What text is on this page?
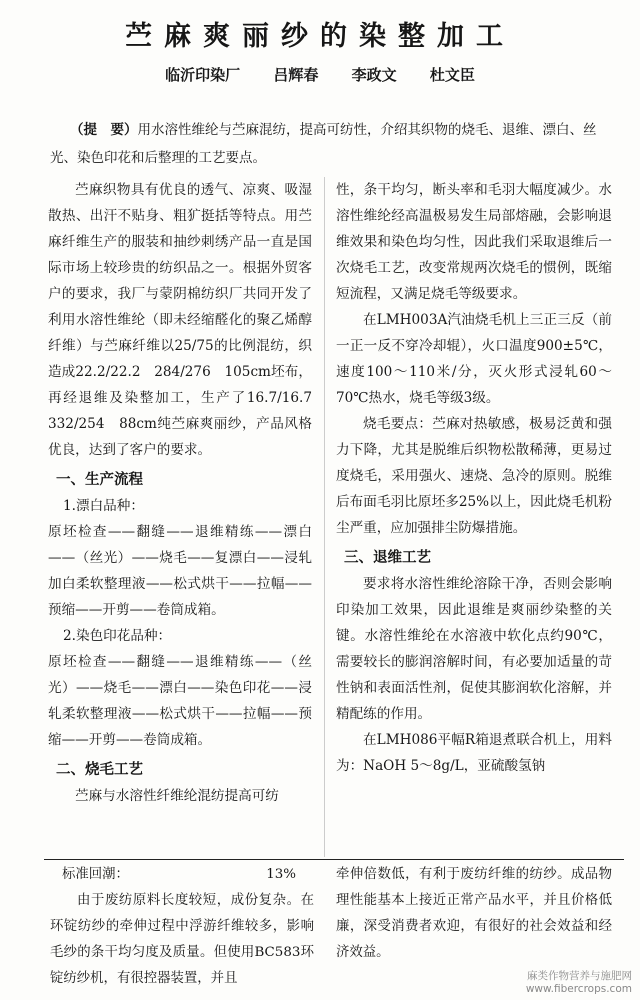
苎麻爽丽纱的染整加工
临沂印染厂 吕辉春 李政文 杜文臣
（提　要）用水溶性维纶与苎麻混纺，提高可纺性，介绍其织物的烧毛、退维、漂白、丝光、染色印花和后整理的工艺要点。

苎麻织物具有优良的透气、凉爽、吸湿散热、出汗不贴身、粗犷挺括等特点。用苎麻纤维生产的服装和抽纱刺绣产品一直是国际市场上较珍贵的纺织品之一。根据外贸客户的要求，我厂与蒙阴棉纺织厂共同开发了利用水溶性维纶（即未经缩醛化的聚乙烯醇纤维）与苎麻纤维以25/75的比例混纺，织造成22.2/22.2　284/276　105cm坯布，再经退维及染整加工，生产了16.7/16.7　332/254　88cm纯苎麻爽丽纱，产品风格优良，达到了客户的要求。

一、生产流程

1.漂白品种：

原坯检查——翻缝——退维精练——漂白——（丝光）——烧毛——复漂白——浸轧加白柔软整理液——松式烘干——拉幅——预缩——开剪——卷筒成箱。

2.染色印花品种：

原坯检查——翻缝——退维精练——（丝光）——烧毛——漂白——染色印花——浸轧柔软整理液——松式烘干——拉幅——预缩——开剪——卷筒成箱。

二、烧毛工艺

苎麻与水溶性纤维纶混纺提高可纺

性，条干均匀，断头率和毛羽大幅度减少。水溶性维纶经高温极易发生局部熔融，会影响退维效果和染色均匀性，因此我们采取退维后一次烧毛工艺，改变常规两次烧毛的惯例，既缩短流程，又满足烧毛等级要求。

在LMH003A汽油烧毛机上三正三反（前一正一反不穿冷却辊），火口温度900±5℃，速度100～110米/分，灭火形式浸轧60～70℃热水，烧毛等级3级。

烧毛要点：苎麻对热敏感，极易泛黄和强力下降，尤其是脱维后织物松散稀薄，更易过度烧毛，采用强火、速烧、急冷的原则。脱维后布面毛羽比原坯多25%以上，因此烧毛机粉尘严重，应加强排尘防爆措施。

三、退维工艺

要求将水溶性维纶溶除干净，否则会影响印染加工效果，因此退维是爽丽纱染整的关键。水溶性维纶在水溶液中软化点约90℃，需要较长的膨润溶解时间，有必要加适量的苛性钠和表面活性剂，促使其膨润软化溶解，并精配练的作用。

在LMH086平幅R箱退煮联合机上，用料为：NaOH 5～8g/L，亚硫酸氢钠

标准回潮：	13%

由于废纺原料长度较短，成份复杂。在环锭纺纱的牵伸过程中浮游纤维较多，影响毛纱的条干均匀度及质量。但使用BC583环锭纺纱机，有很控器装置，并且

牵伸倍数低，有利于废纺纤维的纺纱。成品物理性能基本上接近正常产品水平，并且价格低廉，深受消费者欢迎，有很好的社会效益和经济效益。

麻类作物营养与施肥网
www.fibercrops.com
